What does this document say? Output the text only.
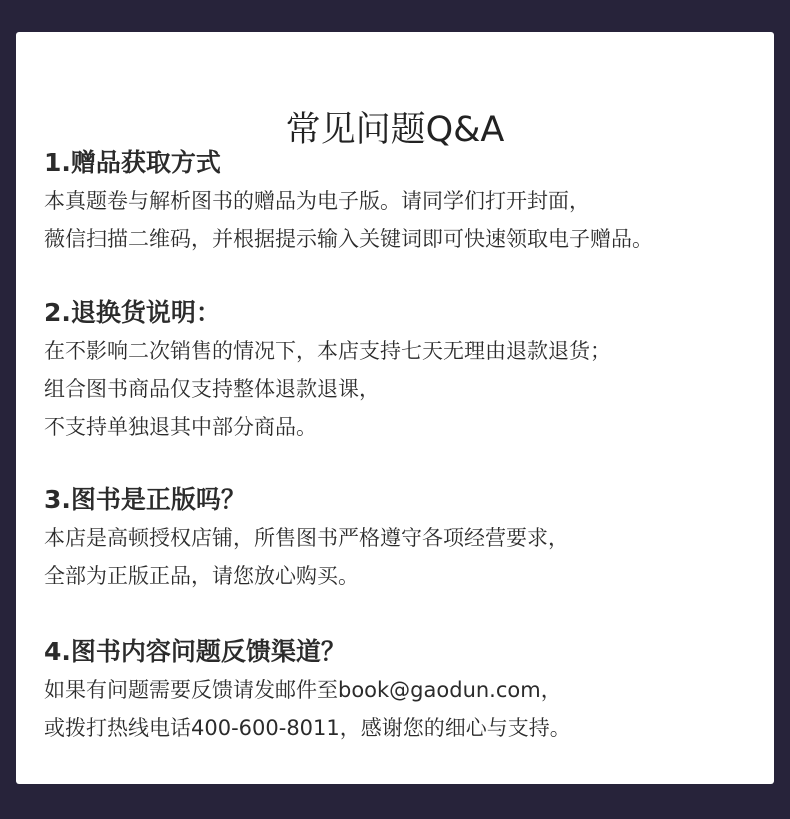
常见问题Q&A
1.赠品获取方式
本真题卷与解析图书的赠品为电子版。请同学们打开封面，
薇信扫描二维码，并根据提示输入关键词即可快速领取电子赠品。
2.退换货说明：
在不影响二次销售的情况下，本店支持七天无理由退款退货；
组合图书商品仅支持整体退款退课，
不支持单独退其中部分商品。
3.图书是正版吗？
本店是高顿授权店铺，所售图书严格遵守各项经营要求，
全部为正版正品，请您放心购买。
4.图书内容问题反馈渠道？
如果有问题需要反馈请发邮件至book@gaodun.com，
或拨打热线电话400-600-8011，感谢您的细心与支持。
